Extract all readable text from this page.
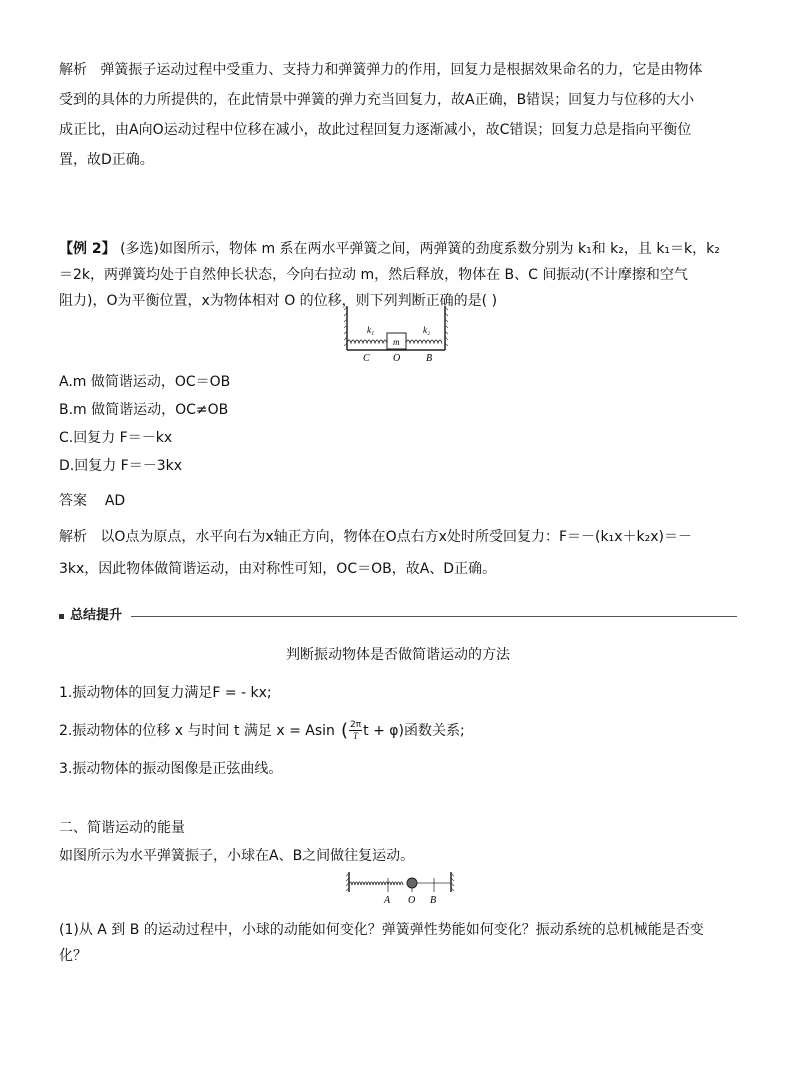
解析 弹簧振子运动过程中受重力、支持力和弹簧弹力的作用，回复力是根据效果命名的力，它是由物体

受到的具体的力所提供的，在此情景中弹簧的弹力充当回复力，故A正确，B错误；回复力与位移的大小

成正比，由A向O运动过程中位移在减小，故此过程回复力逐渐减小，故C错误；回复力总是指向平衡位

置，故D正确。

【例 2】 (多选)如图所示，物体 m 系在两水平弹簧之间，两弹簧的劲度系数分别为 k₁和 k₂，且 k₁＝k，k₂

＝2k，两弹簧均处于自然伸长状态，今向右拉动 m，然后释放，物体在 B、C 间振动(不计摩擦和空气

阻力)，O为平衡位置，x为物体相对 O 的位移，则下列判断正确的是( )

k₁	k₂
m
C O	B
A.m 做简谐运动，OC＝OB
B.m 做简谐运动，OC≠OB
C.回复力 F＝－kx
D.回复力 F＝－3kx
答案 AD

解析 以O点为原点，水平向右为x轴正方向，物体在O点右方x处时所受回复力：F＝－(k₁x＋k₂x)＝－

3kx，因此物体做简谐运动，由对称性可知，OC＝OB，故A、D正确。

总结提升
判断振动物体是否做简谐运动的方法
1.振动物体的回复力满足F = - kx;
2.振动物体的位移 x 与时间 t 满足 x = Asin ( 2π
T t + φ)函数关系;
3.振动物体的振动图像是正弦曲线。
二、简谐运动的能量
如图所示为水平弹簧振子，小球在A、B之间做往复运动。
A O B

(1)从 A 到 B 的运动过程中，小球的动能如何变化？弹簧弹性势能如何变化？振动系统的总机械能是否变

化？
